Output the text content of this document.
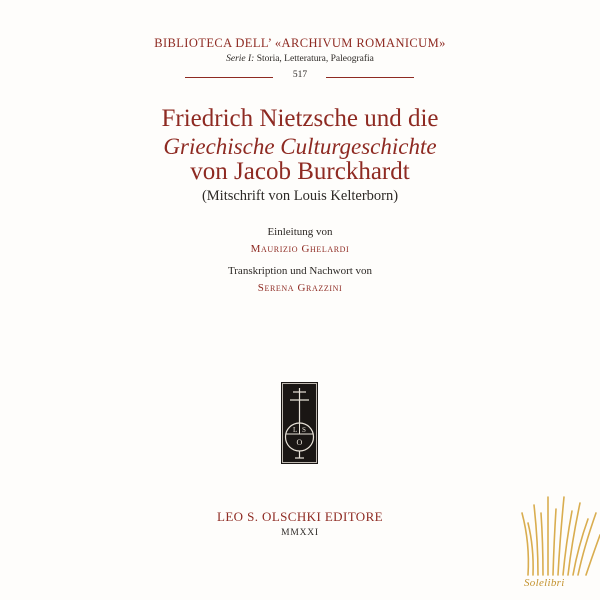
BIBLIOTECA DELL’ «ARCHIVUM ROMANICUM»
Serie I: Storia, Letteratura, Paleografia
517
Friedrich Nietzsche und die
Griechische Culturgeschichte
von Jacob Burckhardt
(Mitschrift von Louis Kelterborn)
Einleitung von
Maurizio Ghelardi
Transkription und Nachwort von
Serena Grazzini
L S
O
LEO S. OLSCHKI EDITORE
MMXXI
Solelibri
